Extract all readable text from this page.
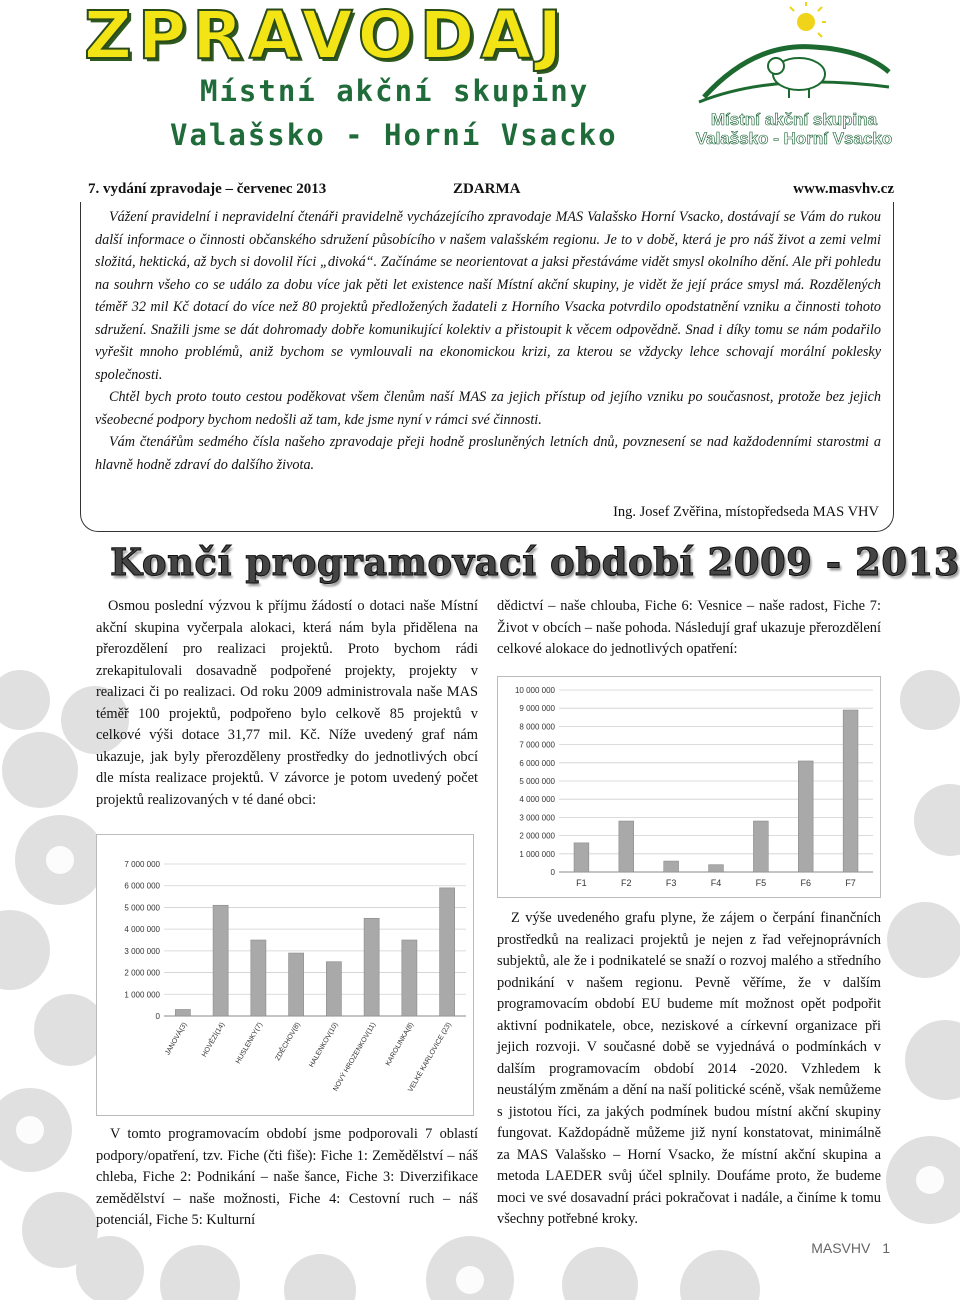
ZPRAVODAJ
Místní akční skupiny
Valašsko - Horní Vsacko	Místní akční skupina
Valašsko - Horní Vsacko
7. vydání zpravodaje – červenec 2013	ZDARMA	www.masvhv.cz

Vážení pravidelní i nepravidelní čtenáři pravidelně vycházejícího zpravodaje MAS Valašsko Horní Vsacko, dostávají se Vám do rukou další informace o činnosti občanského sdružení působícího v našem valašském regionu. Je to v době, která je pro náš život a zemi velmi složitá, hektická, až bych si dovolil říci „divoká“. Začínáme se neorientovat a jaksi přestáváme vidět smysl okolního dění. Ale při pohledu na souhrn všeho co se událo za dobu více jak pěti let existence naší Místní akční skupiny, je vidět že její práce smysl má. Rozdělených téměř 32 mil Kč dotací do více než 80 projektů předložených žadateli z Horního Vsacka potvrdilo opodstatnění vzniku a činnosti tohoto sdružení. Snažili jsme se dát dohromady dobře komunikující kolektiv a přistoupit k věcem odpovědně. Snad i díky tomu se nám podařilo vyřešit mnoho problémů, aniž bychom se vymlouvali na ekonomickou krizi, za kterou se vždycky lehce schovají morální poklesky společnosti.

Chtěl bych proto touto cestou poděkovat všem členům naší MAS za jejich přístup od jejího vzniku po současnost, protože bez jejich všeobecné podpory bychom nedošli až tam, kde jsme nyní v rámci své činnosti.

Vám čtenářům sedmého čísla našeho zpravodaje přeji hodně prosluněných letních dnů, povznesení se nad každodenními starostmi a hlavně hodně zdraví do dalšího života.

Ing. Josef Zvěřina, místopředseda MAS VHV
Končí programovací období 2009 - 2013

Osmou poslední výzvou k příjmu žádostí o dotaci naše Místní akční skupina vyčerpala alokaci, která nám byla přidělena na přerozdělení pro realizaci projektů. Proto bychom rádi zrekapitulovali dosavadně podpořené projekty, projekty v realizaci či po realizaci. Od roku 2009 administrovala naše MAS téměř 100 projektů, podpořeno bylo celkově 85 projektů v celkové výši dotace 31,77 mil. Kč. Níže uvedený graf nám ukazuje, jak byly přerozděleny prostředky do jednotlivých obcí dle místa realizace projektů. V závorce je potom uvedený počet projektů realizovaných v té dané obci:

0
1 000 000
2 000 000
3 000 000
4 000 000
5 000 000
6 000 000
7 000 000
JANOVÁ(3) HOVĚZÍ(14) HUSLENKY(7) ZDĚCHOV(8) HALENKOV(10)
NOVÝ HROZENKOV(11) KAROLINKA(8)
VELKÉ KARLOVICE (23)

V tomto programovacím období jsme podporovali 7 oblastí podpory/opatření, tzv. Fiche (čti fiše): Fiche 1: Zemědělství – náš chleba, Fiche 2: Podnikání – naše šance, Fiche 3: Diverzifikace zemědělství – naše možnosti, Fiche 4: Cestovní ruch – náš potenciál, Fiche 5: Kulturní

dědictví – naše chlouba, Fiche 6: Vesnice – naše radost, Fiche 7: Život v obcích – naše pohoda. Následují graf ukazuje přerozdělení celkové alokace do jednotlivých opatření:

0
1 000 000
2 000 000
3 000 000
4 000 000
5 000 000
6 000 000
7 000 000
8 000 000
9 000 000
10 000 000
F1	F2	F3	F4	F5	F6	F7

Z výše uvedeného grafu plyne, že zájem o čerpání finančních prostředků na realizaci projektů je nejen z řad veřejnoprávních subjektů, ale že i podnikatelé se snaží o rozvoj malého a středního podnikání v našem regionu. Pevně věříme, že v dalším programovacím období EU budeme mít možnost opět podpořit aktivní podnikatele, obce, neziskové a církevní organizace při jejich rozvoji. V současné době se vyjednává o podmínkách v dalším programovacím období 2014 -2020. Vzhledem k neustálým změnám a dění na naší politické scéně, však nemůžeme s jistotou říci, za jakých podmínek budou místní akční skupiny fungovat. Každopádně můžeme již nyní konstatovat, minimálně za MAS Valašsko – Horní Vsacko, že místní akční skupina a metoda LAEDER svůj účel splnily. Doufáme proto, že budeme moci ve své dosavadní práci pokračovat i nadále, a činíme k tomu všechny potřebné kroky.

MASVHV 1
